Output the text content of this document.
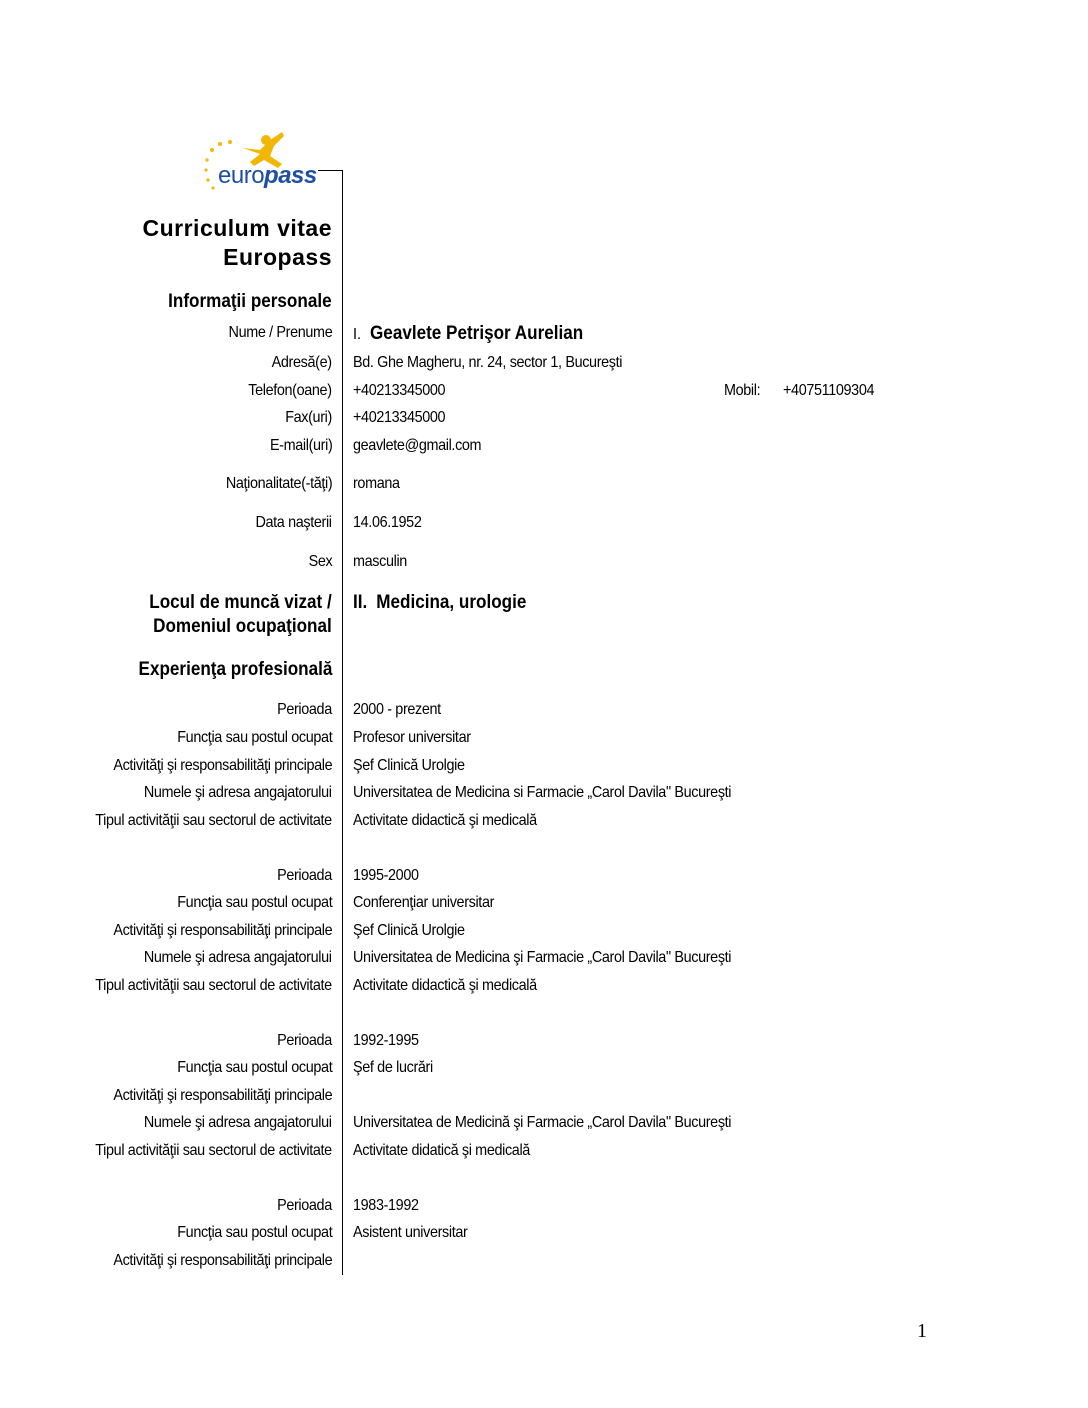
europass
Curriculum vitae
Europass
Informaţii personale
Nume / Prenume I. Geavlete Petrişor Aurelian
Adresă(e) Bd. Ghe Magheru, nr. 24, sector 1, Bucureşti
Telefon(oane) +40213345000	Mobil: +40751109304
Fax(uri) +40213345000
E-mail(uri) geavlete@gmail.com
Naţionalitate(-tăţi) romana
Data naşterii 14.06.1952
Sex masculin
Locul de muncă vizat /
Domeniul ocupaţional
II. Medicina, urologie
Experienţa profesională
Perioada 2000 - prezent
Funcţia sau postul ocupat Profesor universitar
Activităţi şi responsabilităţi principale Şef Clinică Urolgie
Numele şi adresa angajatorului Universitatea de Medicina si Farmacie „Carol Davila" Bucureşti
Tipul activităţii sau sectorul de activitate Activitate didactică şi medicală
Perioada 1995-2000
Funcţia sau postul ocupat Conferenţiar universitar
Activităţi şi responsabilităţi principale Şef Clinică Urolgie
Numele şi adresa angajatorului Universitatea de Medicina şi Farmacie „Carol Davila" Bucureşti
Tipul activităţii sau sectorul de activitate Activitate didactică şi medicală
Perioada 1992-1995
Funcţia sau postul ocupat Şef de lucrări
Activităţi şi responsabilităţi principale
Numele şi adresa angajatorului Universitatea de Medicină şi Farmacie „Carol Davila" Bucureşti
Tipul activităţii sau sectorul de activitate Activitate didatică şi medicală
Perioada 1983-1992
Funcţia sau postul ocupat Asistent universitar
Activităţi şi responsabilităţi principale
1
